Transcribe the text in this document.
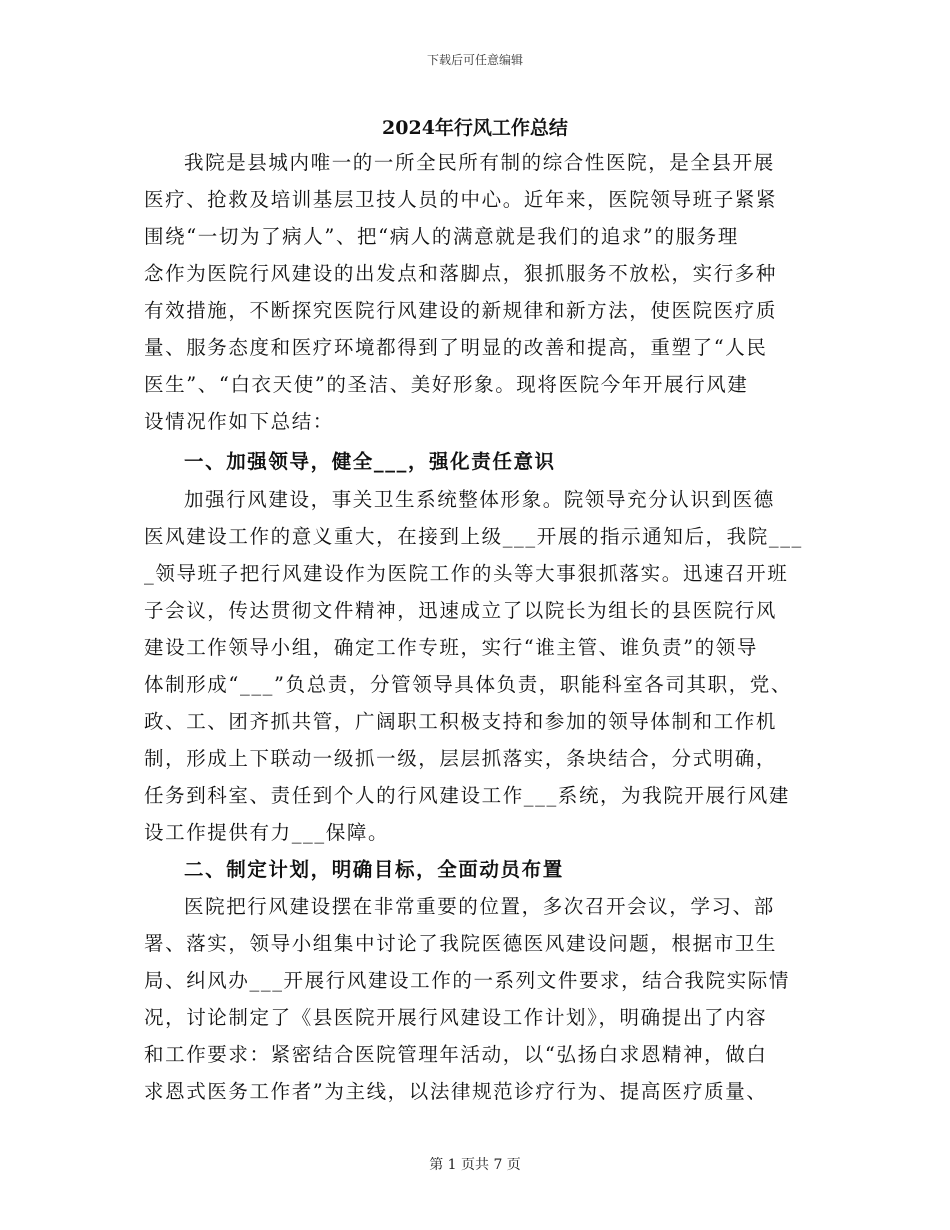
下载后可任意编辑
2024年行风工作总结
我院是县城内唯一的一所全民所有制的综合性医院，是全县开展
医疗、抢救及培训基层卫技人员的中心。近年来，医院领导班子紧紧
围绕“一切为了病人”、把“病人的满意就是我们的追求”的服务理
念作为医院行风建设的出发点和落脚点，狠抓服务不放松，实行多种
有效措施，不断探究医院行风建设的新规律和新方法，使医院医疗质
量、服务态度和医疗环境都得到了明显的改善和提高，重塑了“人民
医生”、“白衣天使”的圣洁、美好形象。现将医院今年开展行风建
设情况作如下总结：
一、加强领导，健全___，强化责任意识
加强行风建设，事关卫生系统整体形象。院领导充分认识到医德
医风建设工作的意义重大，在接到上级___开展的指示通知后，我院___
_领导班子把行风建设作为医院工作的头等大事狠抓落实。迅速召开班
子会议，传达贯彻文件精神，迅速成立了以院长为组长的县医院行风
建设工作领导小组，确定工作专班，实行“谁主管、谁负责”的领导
体制形成“___”负总责，分管领导具体负责，职能科室各司其职，党、
政、工、团齐抓共管，广阔职工积极支持和参加的领导体制和工作机
制，形成上下联动一级抓一级，层层抓落实，条块结合，分式明确，
任务到科室、责任到个人的行风建设工作___系统，为我院开展行风建
设工作提供有力___保障。
二、制定计划，明确目标，全面动员布置
医院把行风建设摆在非常重要的位置，多次召开会议，学习、部
署、落实，领导小组集中讨论了我院医德医风建设问题，根据市卫生
局、纠风办___开展行风建设工作的一系列文件要求，结合我院实际情
况，讨论制定了《县医院开展行风建设工作计划》，明确提出了内容
和工作要求：紧密结合医院管理年活动，以“弘扬白求恩精神，做白
求恩式医务工作者”为主线，以法律规范诊疗行为、提高医疗质量、
第 1 页共 7 页
